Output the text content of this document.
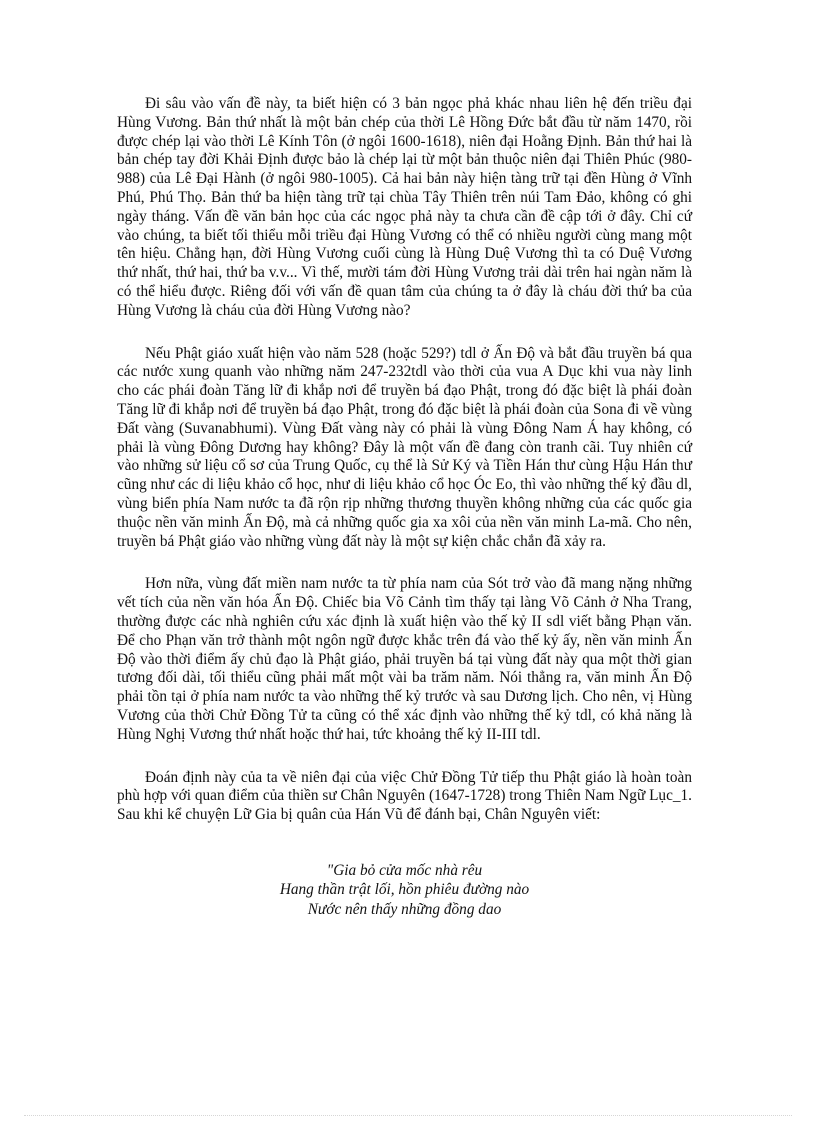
Đi sâu vào vấn đề này, ta biết hiện có 3 bản ngọc phả khác nhau liên hệ đến triều đại Hùng Vương. Bản thứ nhất là một bản chép của thời Lê Hồng Đức bắt đầu từ năm 1470, rồi được chép lại vào thời Lê Kính Tôn (ở ngôi 1600-1618), niên đại Hoằng Định. Bản thứ hai là bản chép tay đời Khải Định được bảo là chép lại từ một bản thuộc niên đại Thiên Phúc (980-988) của Lê Đại Hành (ở ngôi 980-1005). Cả hai bản này hiện tàng trữ tại đền Hùng ở Vĩnh Phú, Phú Thọ. Bản thứ ba hiện tàng trữ tại chùa Tây Thiên trên núi Tam Đảo, không có ghi ngày tháng. Vấn đề văn bản học của các ngọc phả này ta chưa cần đề cập tới ở đây. Chỉ cứ vào chúng, ta biết tối thiểu mỗi triều đại Hùng Vương có thể có nhiều người cùng mang một tên hiệu. Chẳng hạn, đời Hùng Vương cuối cùng là Hùng Duệ Vương thì ta có Duệ Vương thứ nhất, thứ hai, thứ ba v.v... Vì thế, mười tám đời Hùng Vương trải dài trên hai ngàn năm là có thể hiểu được. Riêng đối với vấn đề quan tâm của chúng ta ở đây là cháu đời thứ ba của Hùng Vương là cháu của đời Hùng Vương nào?

Nếu Phật giáo xuất hiện vào năm 528 (hoặc 529?) tdl ở Ấn Độ và bắt đầu truyền bá qua các nước xung quanh vào những năm 247-232tdl vào thời của vua A Dục khi vua này linh cho các phái đoàn Tăng lữ đi khắp nơi để truyền bá đạo Phật, trong đó đặc biệt là phái đoàn Tăng lữ đi khắp nơi để truyền bá đạo Phật, trong đó đặc biệt là phái đoàn của Sona đi về vùng Đất vàng (Suvanabhumi). Vùng Đất vàng này có phải là vùng Đông Nam Á hay không, có phải là vùng Đông Dương hay không? Đây là một vấn đề đang còn tranh cãi. Tuy nhiên cứ vào những sử liệu cổ sơ của Trung Quốc, cụ thể là Sử Ký và Tiền Hán thư cùng Hậu Hán thư cũng như các di liệu khảo cổ học, như di liệu khảo cổ học Óc Eo, thì vào những thế kỷ đầu dl, vùng biển phía Nam nước ta đã rộn rịp những thương thuyền không những của các quốc gia thuộc nền văn minh Ấn Độ, mà cả những quốc gia xa xôi của nền văn minh La-mã. Cho nên, truyền bá Phật giáo vào những vùng đất này là một sự kiện chắc chắn đã xảy ra.

Hơn nữa, vùng đất miền nam nước ta từ phía nam của Sót trở vào đã mang nặng những vết tích của nền văn hóa Ấn Độ. Chiếc bia Võ Cảnh tìm thấy tại làng Võ Cảnh ở Nha Trang, thường được các nhà nghiên cứu xác định là xuất hiện vào thế kỷ II sdl viết bằng Phạn văn. Để cho Phạn văn trở thành một ngôn ngữ được khắc trên đá vào thế kỷ ấy, nền văn minh Ấn Độ vào thời điểm ấy chủ đạo là Phật giáo, phải truyền bá tại vùng đất này qua một thời gian tương đối dài, tối thiểu cũng phải mất một vài ba trăm năm. Nói thẳng ra, văn minh Ấn Độ phải tồn tại ở phía nam nước ta vào những thế kỷ trước và sau Dương lịch. Cho nên, vị Hùng Vương của thời Chử Đồng Tử ta cũng có thể xác định vào những thế kỷ tdl, có khả năng là Hùng Nghị Vương thứ nhất hoặc thứ hai, tức khoảng thế kỷ II-III tdl.

Đoán định này của ta về niên đại của việc Chử Đồng Tử tiếp thu Phật giáo là hoàn toàn phù hợp với quan điểm của thiền sư Chân Nguyên (1647-1728) trong Thiên Nam Ngữ Lục_1. Sau khi kể chuyện Lữ Gia bị quân của Hán Vũ để đánh bại, Chân Nguyên viết:

"Gia bỏ cửa mốc nhà rêu
Hang thần trật lối, hồn phiêu đường nào
Nước nên thấy những đồng dao
